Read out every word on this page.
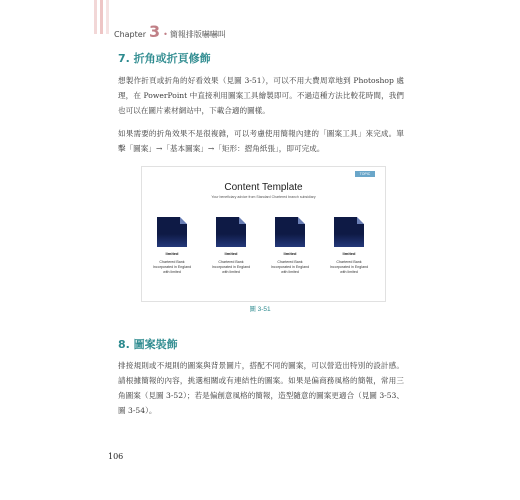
Chapter 3 • 簡報排版嚇嚇叫
7. 折角或折頁修飾
想製作折頁或折角的好看效果（見圖 3-51），可以不用大費周章地到 Photoshop 處理，在 PowerPoint 中直接利用圖案工具繪製即可。不過這種方法比較花時間，我們也可以在圖片素材網站中，下載合適的圖樣。
如果需要的折角效果不是很複雜，可以考慮使用簡報內建的「圖案工具」來完成。單擊「圖案」→「基本圖案」→「矩形：摺角紙張」，即可完成。
TOPIC
Content Template
Your beneficiary advice from Standard Chartered branch subsidiary
limited
Chartered Bank Incorporated in England with limited
limited
Chartered Bank Incorporated in England with limited
limited
Chartered Bank Incorporated in England with limited
limited
Chartered Bank Incorporated in England with limited
圖 3-51
8. 圖案裝飾
排接規則或不規則的圖案與背景圖片，搭配不同的圖案，可以營造出特別的設計感。請根據簡報的內容，挑選相關或有連結性的圖案。如果是偏商務風格的簡報，常用三角圖案（見圖 3-52）；若是偏創意風格的簡報，造型隨意的圖案更適合（見圖 3-53、圖 3-54）。
106
